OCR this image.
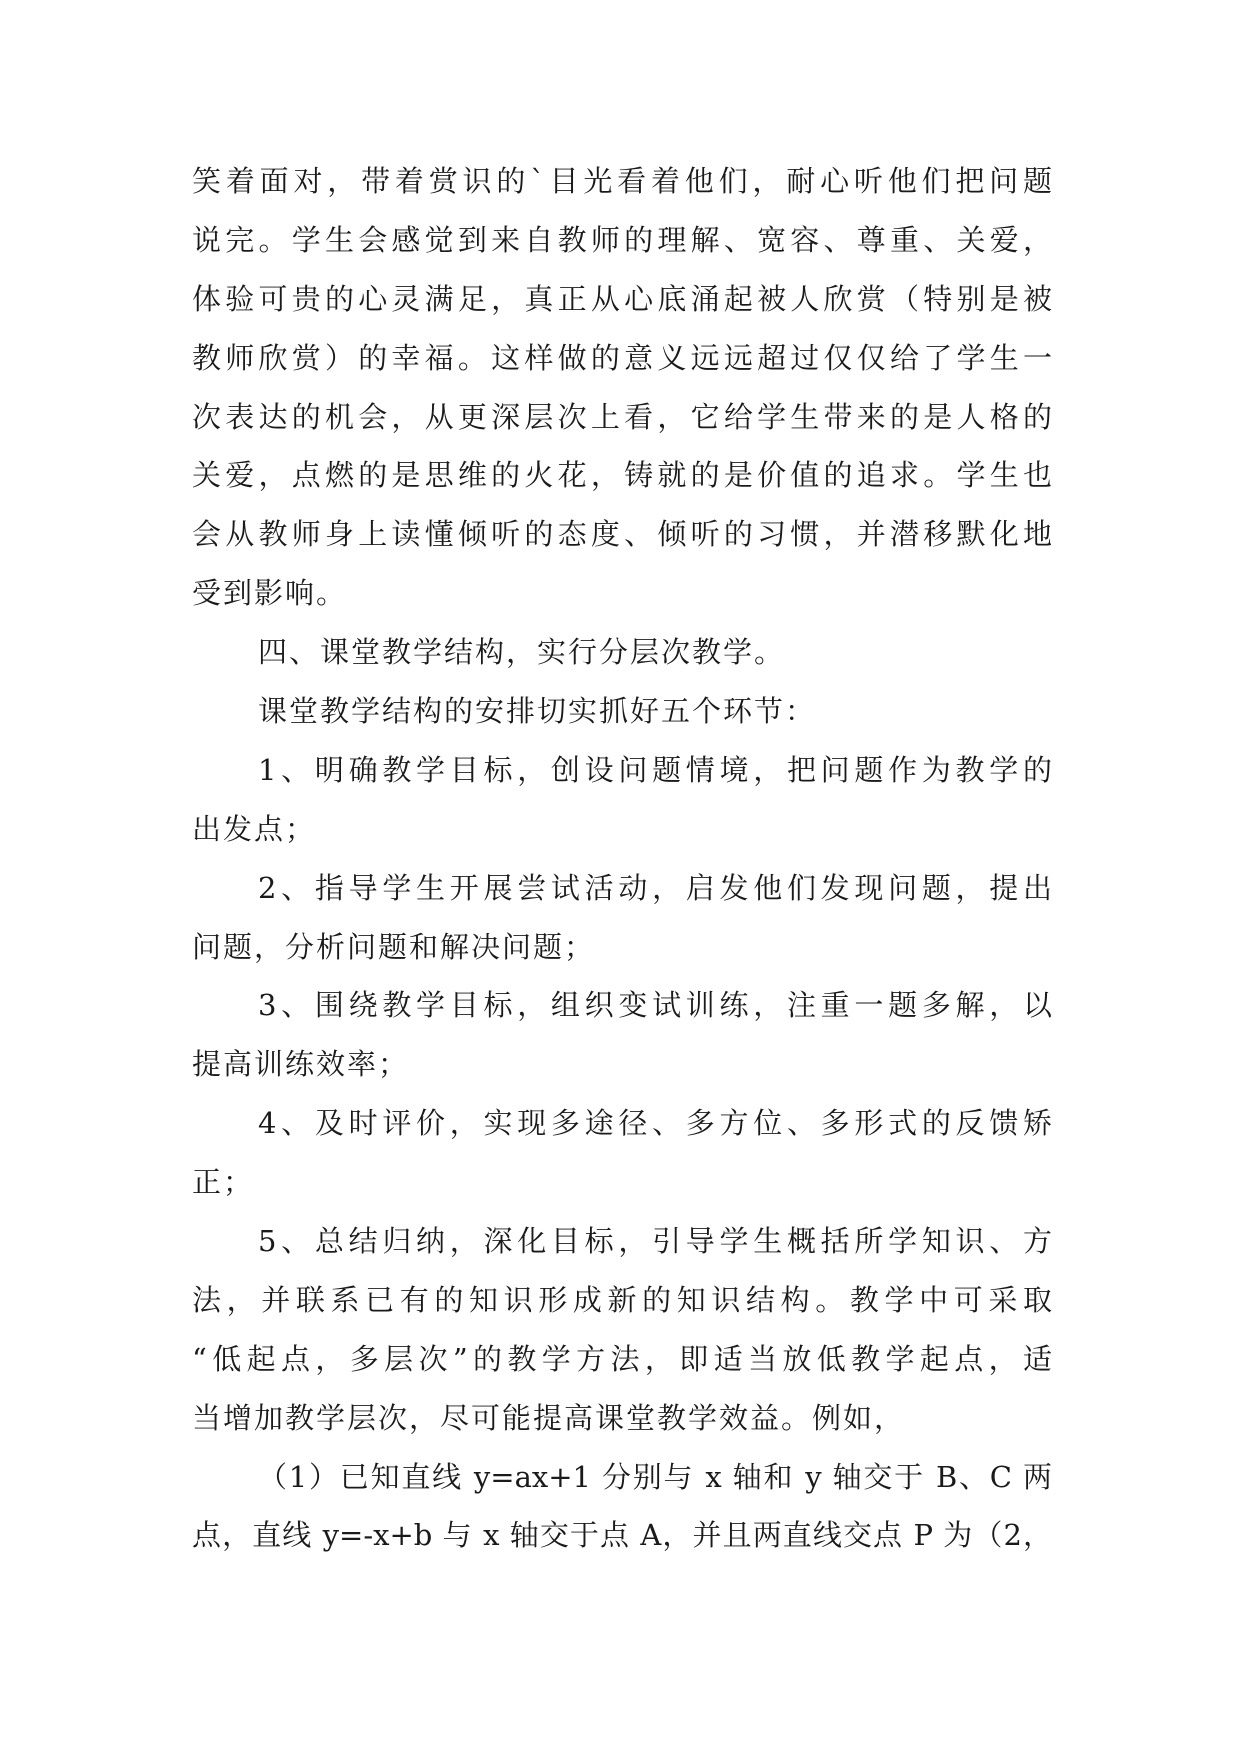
笑着面对，带着赏识的`目光看着他们，耐心听他们把问题
说完。学生会感觉到来自教师的理解、宽容、尊重、关爱，
体验可贵的心灵满足，真正从心底涌起被人欣赏（特别是被
教师欣赏）的幸福。这样做的意义远远超过仅仅给了学生一
次表达的机会，从更深层次上看，它给学生带来的是人格的
关爱，点燃的是思维的火花，铸就的是价值的追求。学生也
会从教师身上读懂倾听的态度、倾听的习惯，并潜移默化地
受到影响。
四、课堂教学结构，实行分层次教学。
课堂教学结构的安排切实抓好五个环节：
1、明确教学目标，创设问题情境，把问题作为教学的
出发点；
2、指导学生开展尝试活动，启发他们发现问题，提出
问题，分析问题和解决问题；
3、围绕教学目标，组织变试训练，注重一题多解，以
提高训练效率；
4、及时评价，实现多途径、多方位、多形式的反馈矫
正；
5、总结归纳，深化目标，引导学生概括所学知识、方
法，并联系已有的知识形成新的知识结构。教学中可采取
“低起点，多层次”的教学方法，即适当放低教学起点，适
当增加教学层次，尽可能提高课堂教学效益。例如，
（1）已知直线 y=ax+1 分别与 x 轴和 y 轴交于 B、C 两
点，直线 y=-x+b 与 x 轴交于点 A，并且两直线交点 P 为（2，
